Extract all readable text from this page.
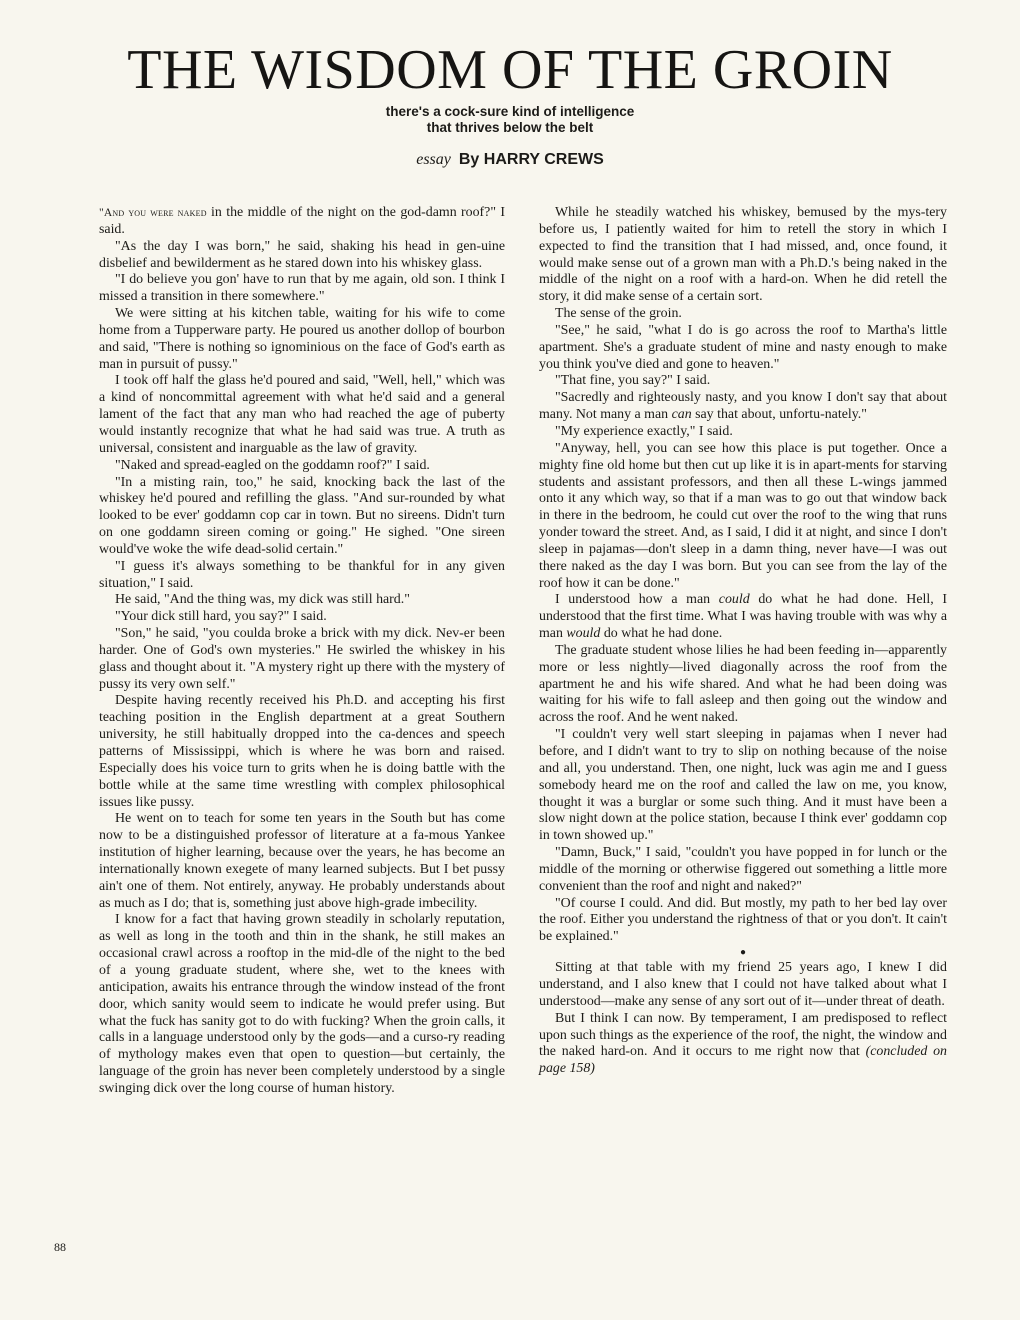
THE WISDOM OF THE GROIN
there's a cock-sure kind of intelligence
that thrives below the belt
essay By HARRY CREWS

"And you were naked in the middle of the night on the god-damn roof?" I said.

"As the day I was born," he said, shaking his head in gen-uine disbelief and bewilderment as he stared down into his whiskey glass.

"I do believe you gon' have to run that by me again, old son. I think I missed a transition in there somewhere."

We were sitting at his kitchen table, waiting for his wife to come home from a Tupperware party. He poured us another dollop of bourbon and said, "There is nothing so ignominious on the face of God's earth as man in pursuit of pussy."

I took off half the glass he'd poured and said, "Well, hell," which was a kind of noncommittal agreement with what he'd said and a general lament of the fact that any man who had reached the age of puberty would instantly recognize that what he had said was true. A truth as universal, consistent and inarguable as the law of gravity.

"Naked and spread-eagled on the goddamn roof?" I said.

"In a misting rain, too," he said, knocking back the last of the whiskey he'd poured and refilling the glass. "And sur-rounded by what looked to be ever' goddamn cop car in town. But no sireens. Didn't turn on one goddamn sireen coming or going." He sighed. "One sireen would've woke the wife dead-solid certain."

"I guess it's always something to be thankful for in any given situation," I said.

He said, "And the thing was, my dick was still hard."

"Your dick still hard, you say?" I said.

"Son," he said, "you coulda broke a brick with my dick. Nev-er been harder. One of God's own mysteries." He swirled the whiskey in his glass and thought about it. "A mystery right up there with the mystery of pussy its very own self."

Despite having recently received his Ph.D. and accepting his first teaching position in the English department at a great Southern university, he still habitually dropped into the ca-dences and speech patterns of Mississippi, which is where he was born and raised. Especially does his voice turn to grits when he is doing battle with the bottle while at the same time wrestling with complex philosophical issues like pussy.

He went on to teach for some ten years in the South but has come now to be a distinguished professor of literature at a fa-mous Yankee institution of higher learning, because over the years, he has become an internationally known exegete of many learned subjects. But I bet pussy ain't one of them. Not entirely, anyway. He probably understands about as much as I do; that is, something just above high-grade imbecility.

I know for a fact that having grown steadily in scholarly reputation, as well as long in the tooth and thin in the shank, he still makes an occasional crawl across a rooftop in the mid-dle of the night to the bed of a young graduate student, where she, wet to the knees with anticipation, awaits his entrance through the window instead of the front door, which sanity would seem to indicate he would prefer using. But what the fuck has sanity got to do with fucking? When the groin calls, it calls in a language understood only by the gods—and a curso-ry reading of mythology makes even that open to question—but certainly, the language of the groin has never been completely understood by a single swinging dick over the long course of human history.

While he steadily watched his whiskey, bemused by the mys-tery before us, I patiently waited for him to retell the story in which I expected to find the transition that I had missed, and, once found, it would make sense out of a grown man with a Ph.D.'s being naked in the middle of the night on a roof with a hard-on. When he did retell the story, it did make sense of a certain sort.

The sense of the groin.

"See," he said, "what I do is go across the roof to Martha's little apartment. She's a graduate student of mine and nasty enough to make you think you've died and gone to heaven."

"That fine, you say?" I said.

"Sacredly and righteously nasty, and you know I don't say that about many. Not many a man can say that about, unfortu-nately."

"My experience exactly," I said.

"Anyway, hell, you can see how this place is put together. Once a mighty fine old home but then cut up like it is in apart-ments for starving students and assistant professors, and then all these L-wings jammed onto it any which way, so that if a man was to go out that window back in there in the bedroom, he could cut over the roof to the wing that runs yonder toward the street. And, as I said, I did it at night, and since I don't sleep in pajamas—don't sleep in a damn thing, never have—I was out there naked as the day I was born. But you can see from the lay of the roof how it can be done."

I understood how a man could do what he had done. Hell, I understood that the first time. What I was having trouble with was why a man would do what he had done.

The graduate student whose lilies he had been feeding in—apparently more or less nightly—lived diagonally across the roof from the apartment he and his wife shared. And what he had been doing was waiting for his wife to fall asleep and then going out the window and across the roof. And he went naked.

"I couldn't very well start sleeping in pajamas when I never had before, and I didn't want to try to slip on nothing because of the noise and all, you understand. Then, one night, luck was agin me and I guess somebody heard me on the roof and called the law on me, you know, thought it was a burglar or some such thing. And it must have been a slow night down at the police station, because I think ever' goddamn cop in town showed up."

"Damn, Buck," I said, "couldn't you have popped in for lunch or the middle of the morning or otherwise figgered out something a little more convenient than the roof and night and naked?"

"Of course I could. And did. But mostly, my path to her bed lay over the roof. Either you understand the rightness of that or you don't. It cain't be explained."

●

Sitting at that table with my friend 25 years ago, I knew I did understand, and I also knew that I could not have talked about what I understood—make any sense of any sort out of it—under threat of death.

But I think I can now. By temperament, I am predisposed to reflect upon such things as the experience of the roof, the night, the window and the naked hard-on. And it occurs to me right now that (concluded on page 158)

88
